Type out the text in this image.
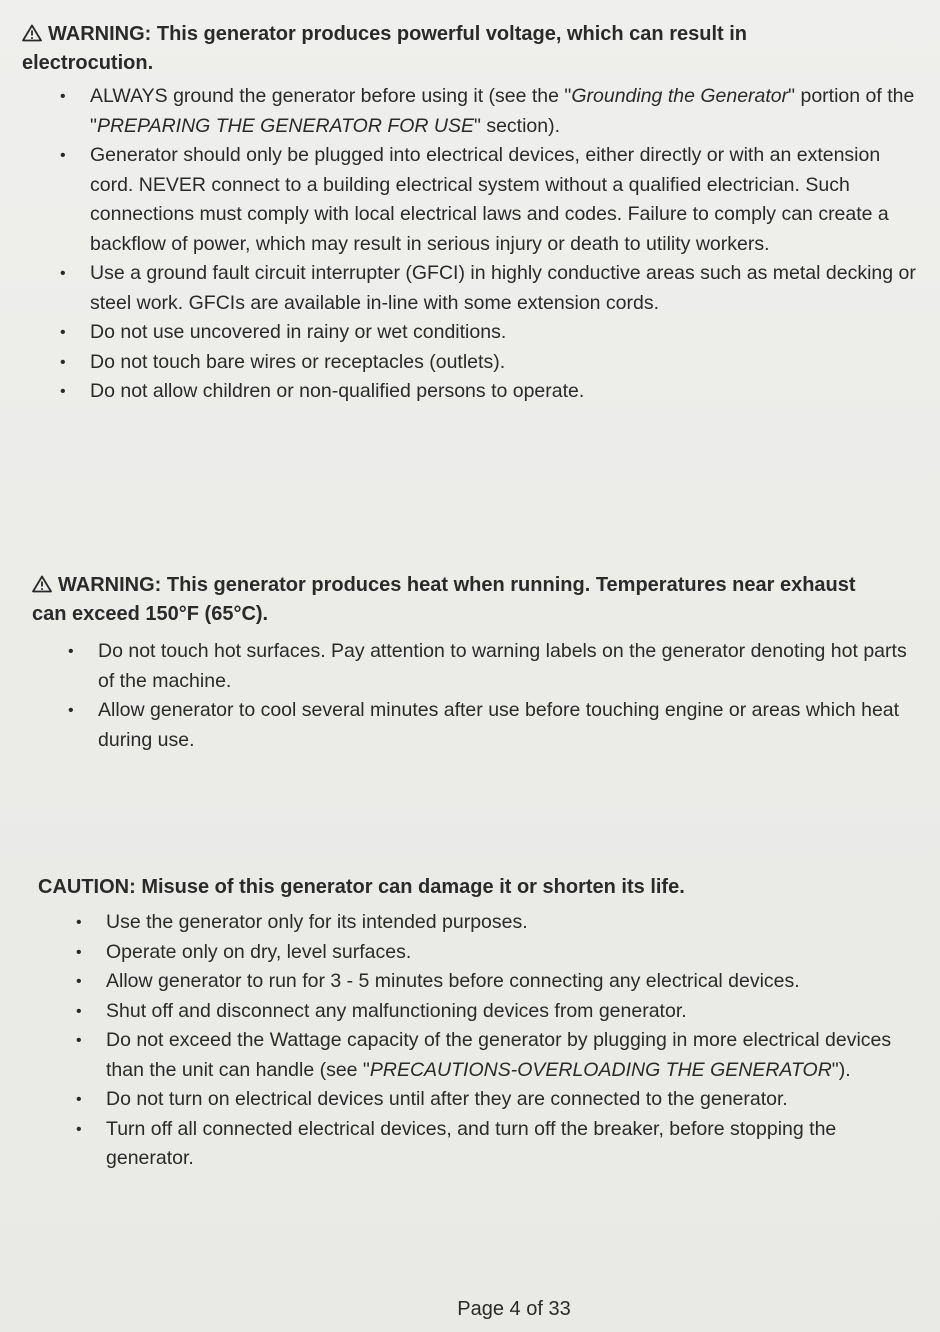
WARNING: This generator produces powerful voltage, which can result in electrocution.

• ALWAYS ground the generator before using it (see the "Grounding the Generator" portion of the "PREPARING THE GENERATOR FOR USE" section).
• Generator should only be plugged into electrical devices, either directly or with an extension cord. NEVER connect to a building electrical system without a qualified electrician. Such connections must comply with local electrical laws and codes. Failure to comply can create a backflow of power, which may result in serious injury or death to utility workers.
• Use a ground fault circuit interrupter (GFCI) in highly conductive areas such as metal decking or steel work. GFCIs are available in-line with some extension cords.
• Do not use uncovered in rainy or wet conditions.
• Do not touch bare wires or receptacles (outlets).
• Do not allow children or non-qualified persons to operate.

WARNING: This generator produces heat when running. Temperatures near exhaust can exceed 150°F (65°C).

• Do not touch hot surfaces. Pay attention to warning labels on the generator denoting hot parts of the machine.
• Allow generator to cool several minutes after use before touching engine or areas which heat during use.

CAUTION: Misuse of this generator can damage it or shorten its life.

• Use the generator only for its intended purposes.
• Operate only on dry, level surfaces.
• Allow generator to run for 3 - 5 minutes before connecting any electrical devices.
• Shut off and disconnect any malfunctioning devices from generator.
• Do not exceed the Wattage capacity of the generator by plugging in more electrical devices than the unit can handle (see "PRECAUTIONS-OVERLOADING THE GENERATOR").
• Do not turn on electrical devices until after they are connected to the generator.
• Turn off all connected electrical devices, and turn off the breaker, before stopping the generator.
Page 4 of 33
